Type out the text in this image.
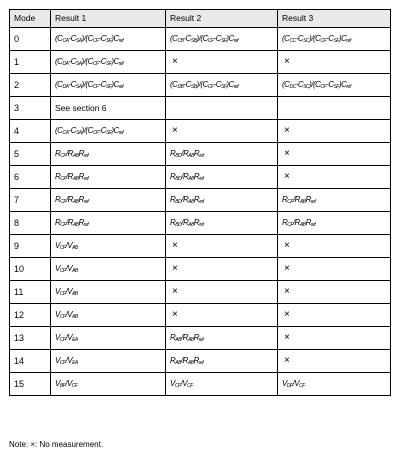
Mode	Result 1	Result 2	Result 3
0	$(C_{CA}-C_{SA})/(C_{CF}-C_{SF})C_{ref}$	$(C_{CB}-C_{SB})/(C_{CF}-C_{SF})C_{ref}$	$(C_{CC}-C_{SC})/(C_{CF}-C_{SF})C_{ref}$
1	$(C_{DA}-C_{SA})/(C_{CF}-C_{SF})C_{ref}$	×	×
2	$(C_{DA}-C_{SA})/(C_{CF}-C_{SF})C_{ref}$	$(C_{DB}-C_{SB})/(C_{CF}-C_{SF})C_{ref}$	$(C_{DC}-C_{SC})/(C_{CF}-C_{SF})C_{ref}$
3	See section 6		
4	$(C_{CA}-C_{SA})/(C_{CF}-C_{SF})C_{ref}$	×	×
5	$R_{CF}/R_{AB}R_{ref}$	$R_{BD}/R_{AB}R_{ref}$	×
6	$R_{CF}/R_{AB}R_{ref}$	$R_{BD}/R_{AB}R_{ref}$	×
7	$R_{CF}/R_{AB}R_{ref}$	$R_{BD}/R_{AB}R_{ref}$	$R_{CF}/R_{AB}R_{ref}$
8	$R_{CF}/R_{AB}R_{ref}$	$R_{BD}/R_{AB}R_{ref}$	$R_{CF}/R_{AB}R_{ref}$
9	$V_{CF}/V_{AB}$	×	×
10	$V_{CF}/V_{AB}$	×	×
11	$V_{CF}/V_{AB}$	×	×
12	$V_{CF}/V_{AB}$	×	×
13	$V_{CF}/V_{EA}$	$R_{AB}/R_{AB}R_{ref}$	×
14	$V_{CF}/V_{EA}$	$R_{AB}/R_{AB}R_{ref}$	×
15	$V_{BF}/V_{CF}$	$V_{CF}/V_{CF}$	$V_{DF}/V_{CF}$
Note: ×: No measurement.
